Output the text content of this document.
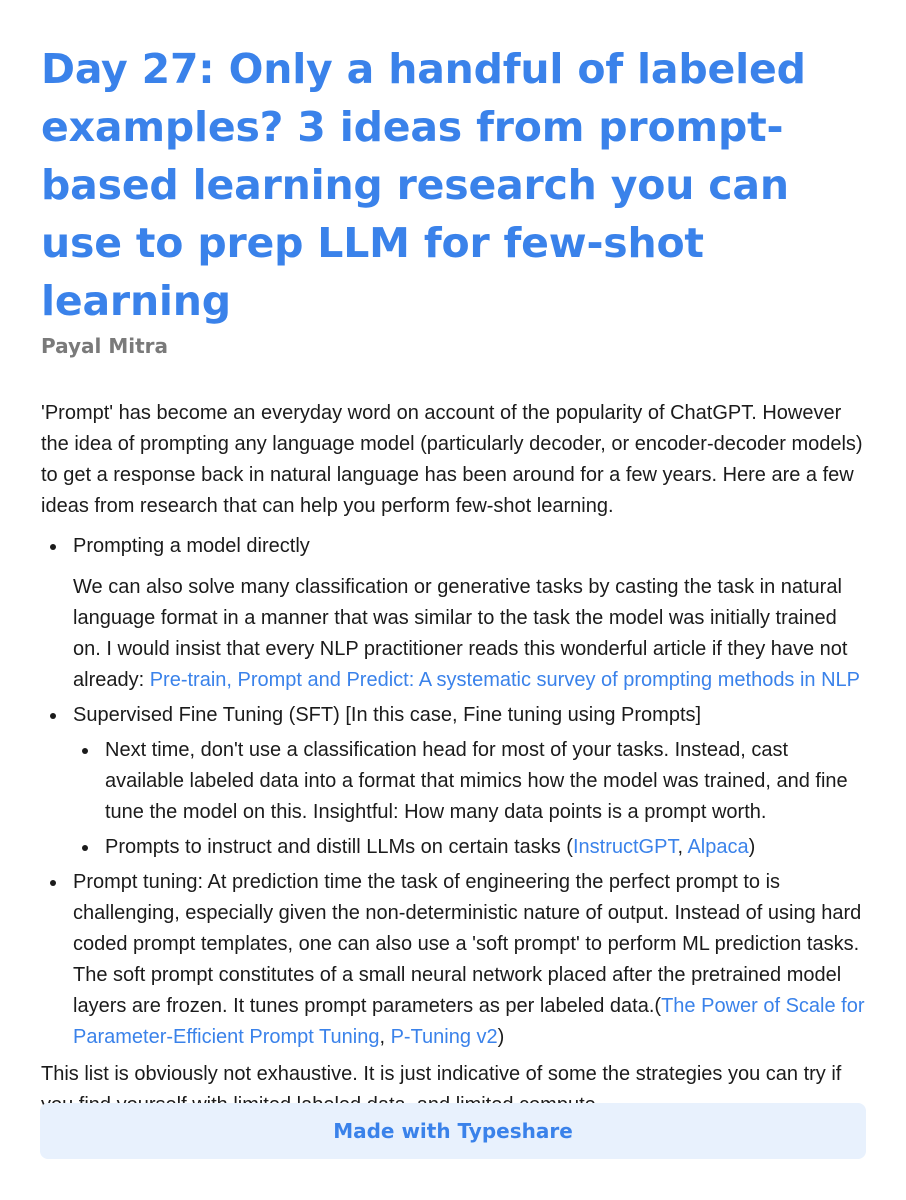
Day 27: Only a handful of labeled examples? 3 ideas from prompt-based learning research you can use to prep LLM for few-shot learning
Payal Mitra

'Prompt' has become an everyday word on account of the popularity of ChatGPT. However the idea of prompting any language model (particularly decoder, or encoder-decoder models) to get a response back in natural language has been around for a few years. Here are a few ideas from research that can help you perform few-shot learning.

Prompting a model directly
We can also solve many classification or generative tasks by casting the task in natural language format in a manner that was similar to the task the model was initially trained on. I would insist that every NLP practitioner reads this wonderful article if they have not already: Pre-train, Prompt and Predict: A systematic survey of prompting methods in NLP
Supervised Fine Tuning (SFT) [In this case, Fine tuning using Prompts]
Next time, don't use a classification head for most of your tasks. Instead, cast available labeled data into a format that mimics how the model was trained, and fine tune the model on this. Insightful: How many data points is a prompt worth.
Prompts to instruct and distill LLMs on certain tasks (InstructGPT, Alpaca)
Prompt tuning: At prediction time the task of engineering the perfect prompt to is challenging, especially given the non-deterministic nature of output. Instead of using hard coded prompt templates, one can also use a 'soft prompt' to perform ML prediction tasks. The soft prompt constitutes of a small neural network placed after the pretrained model layers are frozen. It tunes prompt parameters as per labeled data.(The Power of Scale for Parameter-Efficient Prompt Tuning, P-Tuning v2)

This list is obviously not exhaustive. It is just indicative of some the strategies you can try if

Made with Typeshare
